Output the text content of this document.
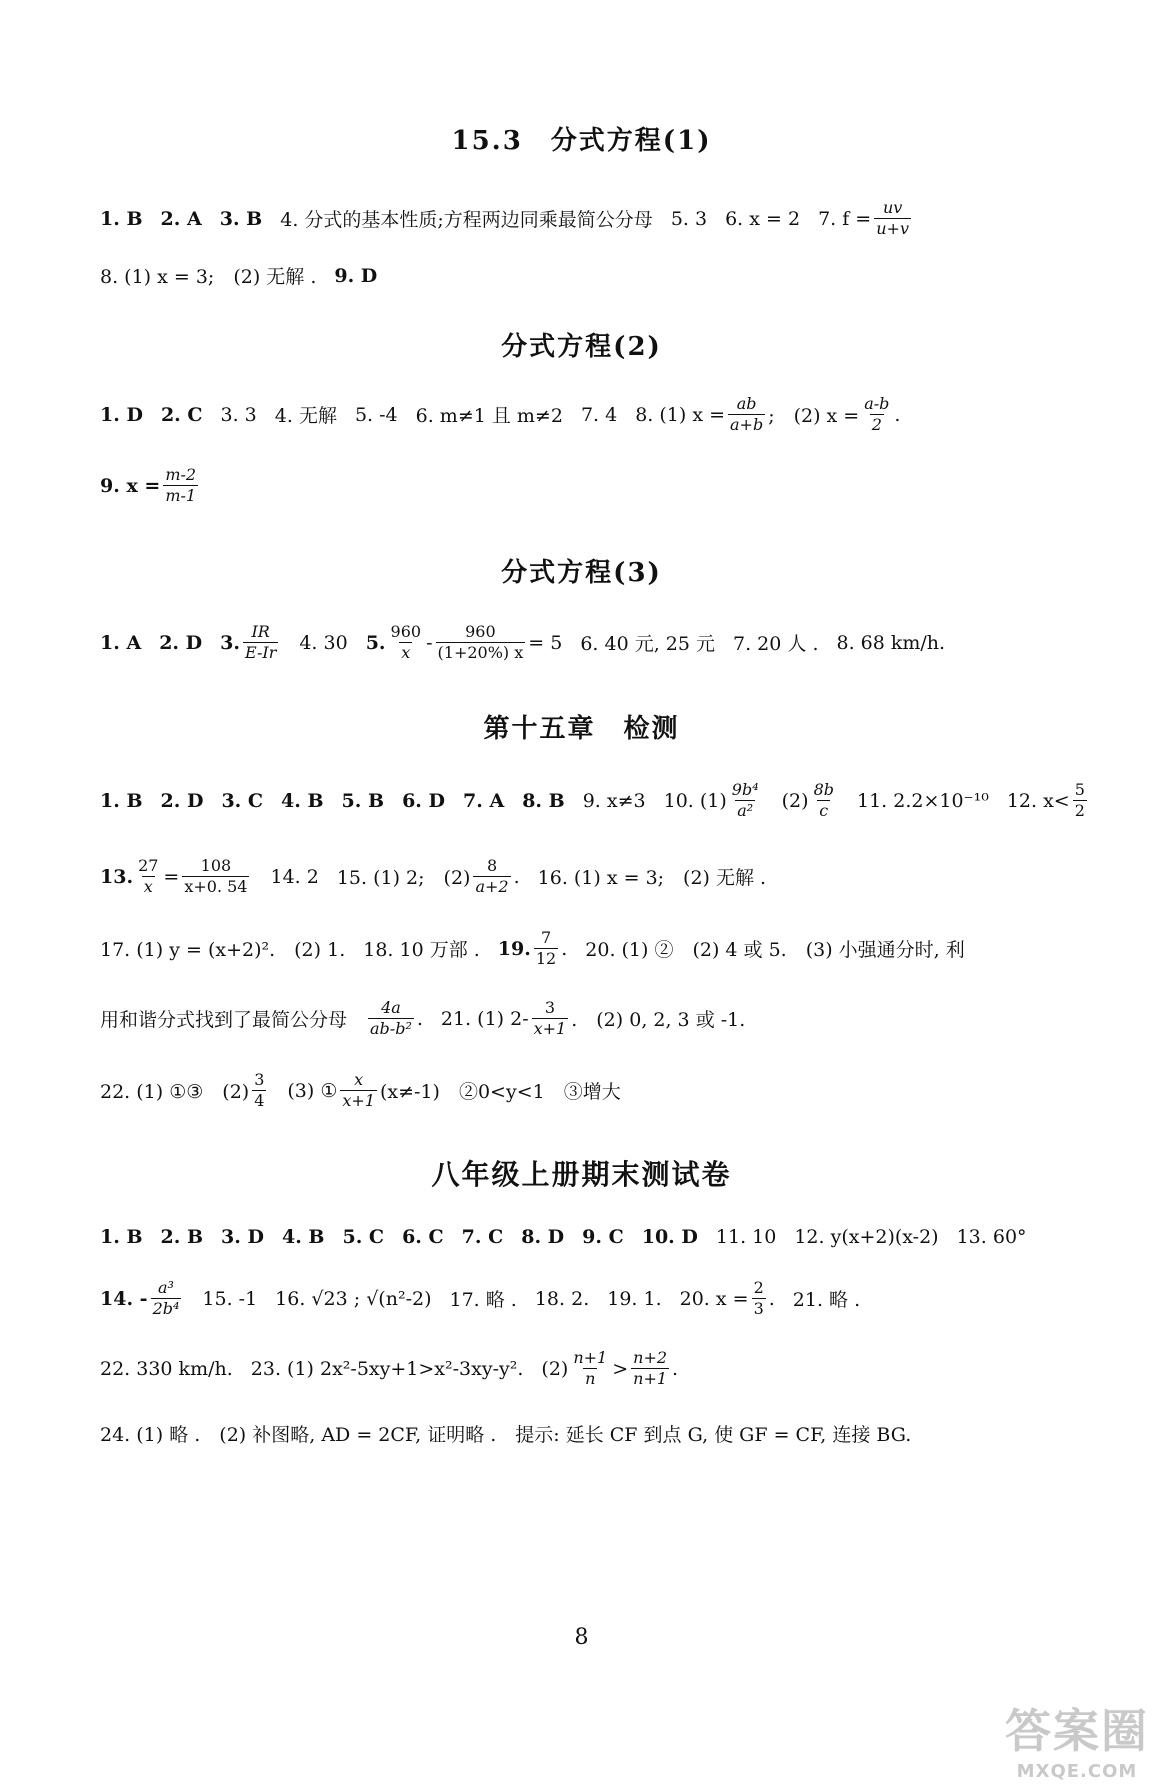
15.3　分式方程(1)
1. B 2. A 3. B 4. 分式的基本性质;方程两边同乘最简公分母 5. 3 6. x = 2 7. $f = \frac{uv}{u+v}$
8. (1) x = 3;　(2) 无解 . 9. D
分式方程(2)
1. D 2. C 3. 3 4. 无解 5. -4 6. m≠1 且 m≠2 7. 4 8. (1) $x = \frac{ab}{a+b}$ ;　(2) $x = \frac{a-b}{2}$ .
9. $x = \frac{m-2}{m-1}$
分式方程(3)
1. A 2. D 3. $\frac{IR}{E-Ir} 4$. 30 5. $\frac{960}{x} - \frac{960}{(1+20\%) x} = 5$ 6. 40 元, 25 元 7. 20 人 . 8. 68 km/h.
第十五章　检测
1. B 2. D 3. C 4. B 5. B 6. D 7. A 8. B 9. x≠3 10. $(1) \frac{\text{9b⁴}}{\text{a²}} (2) \frac{8b}{c} 11$. 2.2×10⁻¹⁰ 12. $x< \frac{5}{2}$
13. $\frac{27}{x} = \frac{108}{x+0. 54} 14$. 2 15. (1) 2;　$(2) \frac{8}{a+2}$ . 16. (1) x = 3;　(2) 无解 .
17. (1) y = (x+2)².　(2) 1. 18. 10 万部 . 19. $\frac{7}{12}$ . 20. (1) ②　(2) 4 或 5.　(3) 小强通分时, 利
用和谐分式找到了最简公分母 $\frac{4a}{\text{ab-b²}}$ . 21. (1) $2- \frac{3}{x+1}$ .　(2) 0, 2, 3 或 -1.
22. (1) ①③　$(2) \frac{3}{4} (3)$ ① $\frac{x}{x+1} (x\ne-1)$　②0<y<1　③增大
八年级上册期末测试卷
1. B 2. B 3. D 4. B 5. C 6. C 7. C 8. D 9. C 10. D 11. 10 12. y(x+2)(x-2) 13. 60°
14. - $\frac{\text{a³}}{\text{2b⁴}} 15$. -1 16. √23 ; √(n²-2) 17. 略 . 18. 2. 19. 1. 20. $x = \frac{2}{3}$ . 21. 略 .
22. 330 km/h. 23. (1) 2x²-5xy+1>x²-3xy-y². $(2) \frac{n+1}{n} > \frac{n+2}{n+1}$ .
24. (1) 略 .　(2) 补图略, AD = 2CF, 证明略 .　提示: 延长 CF 到点 G, 使 GF = CF, 连接 BG.
8
答案圈
MXQE.COM
